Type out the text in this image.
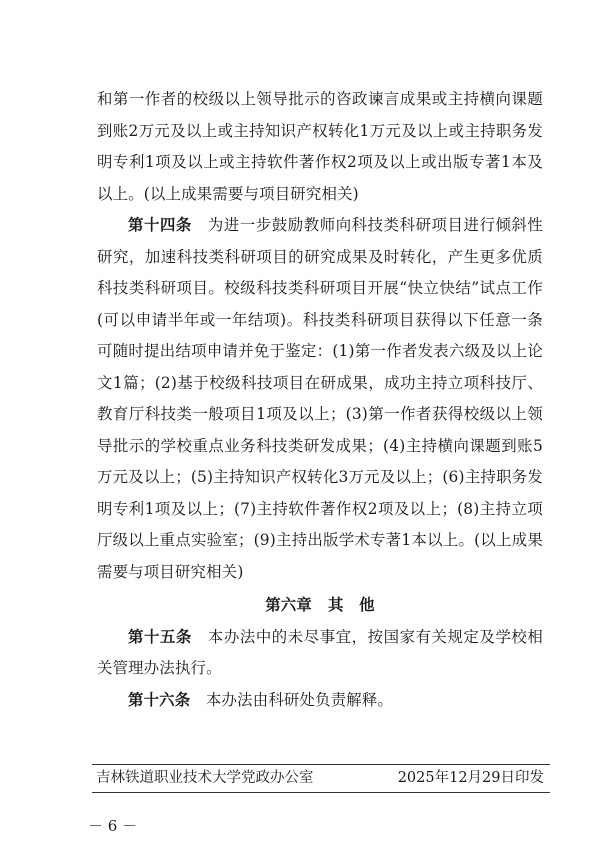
和第一作者的校级以上领导批示的咨政谏言成果或主持横向课题到账2万元及以上或主持知识产权转化1万元及以上或主持职务发明专利1项及以上或主持软件著作权2项及以上或出版专著1本及以上。(以上成果需要与项目研究相关)

第十四条　 为进一步鼓励教师向科技类科研项目进行倾斜性研究，加速科技类科研项目的研究成果及时转化，产生更多优质科技类科研项目。校级科技类科研项目开展“快立快结”试点工作(可以申请半年或一年结项)。科技类科研项目获得以下任意一条可随时提出结项申请并免于鉴定：(1)第一作者发表六级及以上论文1篇；(2)基于校级科技项目在研成果，成功主持立项科技厅、教育厅科技类一般项目1项及以上；(3)第一作者获得校级以上领导批示的学校重点业务科技类研发成果；(4)主持横向课题到账5万元及以上；(5)主持知识产权转化3万元及以上；(6)主持职务发明专利1项及以上；(7)主持软件著作权2项及以上；(8)主持立项厅级以上重点实验室；(9)主持出版学术专著1本以上。(以上成果需要与项目研究相关)

第六章 其　他

第十五条　 本办法中的未尽事宜，按国家有关规定及学校相关管理办法执行。

第十六条　 本办法由科研处负责解释。

吉林铁道职业技术大学党政办公室	2025年12月29日印发
－ 6 －
